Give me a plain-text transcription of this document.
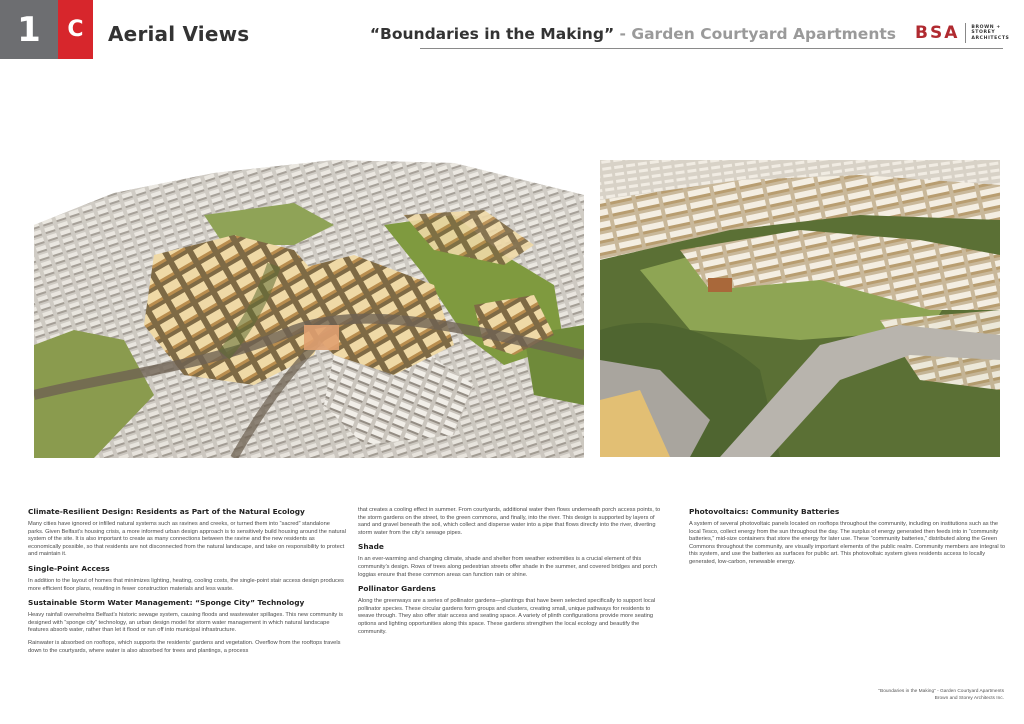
1	C	Aerial Views	“Boundaries in the Making” - Garden Courtyard Apartments BSA	BROWN +
STOREY
ARCHITECTS
Climate-Resilient Design: Residents as Part of the Natural Ecology

Many cities have ignored or infilled natural systems such as ravines and creeks, or turned them into “sacred” standalone parks. Given Belfast’s housing crisis, a more informed urban design approach is to sensitively build housing around the natural system of the site. It is also important to create as many connections between the ravine and the new residents as economically possible, so that residents are not disconnected from the natural landscape, and take on responsibility to protect and maintain it.

Single-Point Access

In addition to the layout of homes that minimizes lighting, heating, cooling costs, the single-point stair access design produces more efficient floor plans, resulting in fewer construction materials and less waste.

Sustainable Storm Water Management: “Sponge City” Technology

Heavy rainfall overwhelms Belfast’s historic sewage system, causing floods and wastewater spillages. This new community is designed with “sponge city” technology, an urban design model for storm water management in which natural landscape features absorb water, rather than let it flood or run off into municipal infrastructure.

Rainwater is absorbed on rooftops, which supports the residents’ gardens and vegetation. Overflow from the rooftops travels down to the courtyards, where water is also absorbed for trees and plantings, a process

that creates a cooling effect in summer. From courtyards, additional water then flows underneath porch access points, to the storm gardens on the street, to the green commons, and finally, into the river. This design is supported by layers of sand and gravel beneath the soil, which collect and disperse water into a pipe that flows directly into the river, diverting storm water from the city’s sewage pipes.

Shade

In an ever-warming and changing climate, shade and shelter from weather extremities is a crucial element of this community’s design. Rows of trees along pedestrian streets offer shade in the summer, and covered bridges and porch loggias ensure that these common areas can function rain or shine.

Pollinator Gardens

Along the greenways are a series of pollinator gardens—plantings that have been selected specifically to support local pollinator species. These circular gardens form groups and clusters, creating small, unique pathways for residents to weave through. They also offer stair access and seating space. A variety of plinth configurations provide more seating options and lighting opportunities along this space. These gardens strengthen the local ecology and beautify the community.

Photovoltaics: Community Batteries

A system of several photovoltaic panels located on rooftops throughout the community, including on institutions such as the local Tesco, collect energy from the sun throughout the day. The surplus of energy generated then feeds into in “community batteries,” mid-size containers that store the energy for later use. These “community batteries,” distributed along the Green Commons throughout the community, are visually important elements of the public realm. Community members are integral to this system, and use the batteries as surfaces for public art. This photovoltaic system gives residents access to locally generated, low-carbon, renewable energy.

“Boundaries in the Making” - Garden Courtyard Apartments
Brown and Storey Architects Inc.
